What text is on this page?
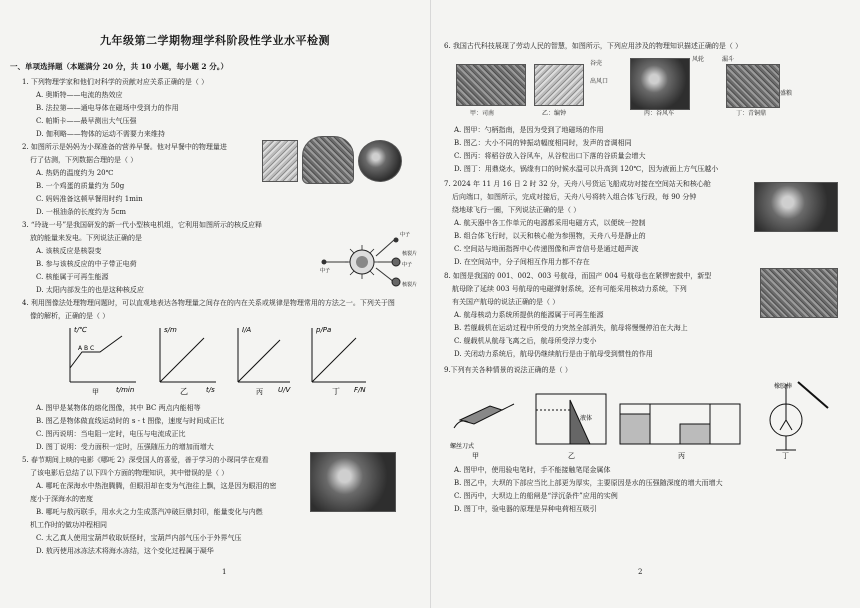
九年级第二学期物理学科阶段性学业水平检测
一、单项选择题（本题满分 20 分，共 10 小题，每小题 2 分。）
1. 下列物理学家和他们对科学的贡献对应关系正确的是（ ）
A. 奥斯特——电流的热效应
B. 法拉第——通电导体在磁场中受到力的作用
C. 帕斯卡——最早测出大气压强
D. 伽利略——物体的运动不需要力来维持
2. 如图所示是妈妈为小琛准备的营养早餐。他对早餐中的物理量进
行了估测，下列数据合理的是（ ）
A. 热奶的温度约为 20℃
B. 一个鸡蛋的质量约为 50g
C. 妈妈准备这顿早餐用时约 1min
D. 一根油条的长度约为 5cm
3. “玲珑一号”是我国研发的新一代小型核电机组，它利用如图所示的核反应释
放的能量来发电。下列说法正确的是
A. 该核反应是核裂变
B. 参与该核反应的中子带正电荷
C. 核能属于可再生能源
D. 太阳内部发生的也是这种核反应
中子
中子
核裂片
中子
核裂片
4. 利用图像法处理物理问题时，可以直观地表达各物理量之间存在的内在关系或规律是物理常用的方法之一。下列关于图
像的解析，正确的是（ ）
t/℃
A B C
t/min
甲
s/m
t/s
乙
I/A
U/V
丙
p/Pa
F/N
丁
A. 图甲是某物体的熔化图像，其中 BC 两点内能相等
B. 图乙是物体做直线运动时的 s - t 图像，速度与时间成正比
C. 图丙说明：当电阻一定时，电压与电流成正比
D. 图丁说明：受力面积一定时，压强随压力的增加而增大
5. 春节期间上映的电影《哪吒 2》深受国人的喜爱，善于学习的小琛同学在观看
了该电影后总结了以下四个方面的物理知识，其中错误的是（ ）
A. 哪吒在深海水中热泡腾腾，但眼泪却在变为气泡往上飘，这是因为眼泪的密
度小于深海水的密度
B. 哪吒与敖丙联手，用水火之力生成蒸汽冲破巨鼎封印，能量变化与内燃
机工作时的做功冲程相同
C. 太乙真人使用宝葫芦收取妖怪时，宝葫芦内部气压小于外界气压
D. 敖丙使用冰冻法术将海水冻结，这个变化过程属于凝华
1
6. 我国古代科技展现了劳动人民的智慧，如图所示，下列应用涉及的物理知识描述正确的是（ ）
谷壳
出风口
风轮	漏斗
盛粮
甲：司南	乙：编钟	丙：谷风车	丁：青铜鼎
A. 图甲：勺柄指南，是因为受到了地磁场的作用
B. 图乙：大小不同的钟振动幅度相同时，发声的音调相同
C. 图丙：将稻谷放入谷风车，从谷粒出口下落的谷质量会增大
D. 图丁：用鼎烧水，锅缘有口的时候水温可以升高到 120℃，因为液面上方气压越小
7. 2024 年 11 月 16 日 2 时 32 分，天舟八号货运飞船成功对接在空间站天和核心舱
后向端口，如图所示，完成对接后，天舟八号将转入组合体飞行段，每 90 分钟
绕地球飞行一圈，下列说法正确的是（ ）
A. 航天器中各工作单元的电源都采用电磁方式，以便统一控制
B. 组合体飞行时，以天和核心舱为参照物，天舟八号是静止的
C. 空间站与地面指挥中心传递图像和声音信号是通过超声波
D. 在空间站中，分子间相互作用力都不存在
8. 如图是我国的 001、002、003 号航母，而国产 004 号航母也在紧锣密鼓中，新型
航母除了延续 003 号航母的电磁弹射系统，还有可能采用核动力系统，下列
有关国产航母的说法正确的是（ ）
A. 航母核动力系统所提供的能源属于可再生能源
B. 若舰载机在运动过程中所受的力突然全部消失，航母将慢慢停泊在大海上
C. 舰载机从航母飞离之后，航母所受浮力变小
D. 关闭动力系统后，航母仍继续航行是由于航母受到惯性的作用
9.下列有关各种情景的说法正确的是（ ）
螺丝刀式
液体
橡胶棒
甲	乙	丙	丁
A. 图甲中，使用验电笔时，手不能接触笔尾金属体
B. 图乙中，大坝的下部应当比上部更为厚实，主要原因是水的压强随深度的增大而增大
C. 图丙中，大坝边上的船闸是“浮沉条件”应用的实例
D. 图丁中，验电器的原理是异种电荷相互吸引
2
